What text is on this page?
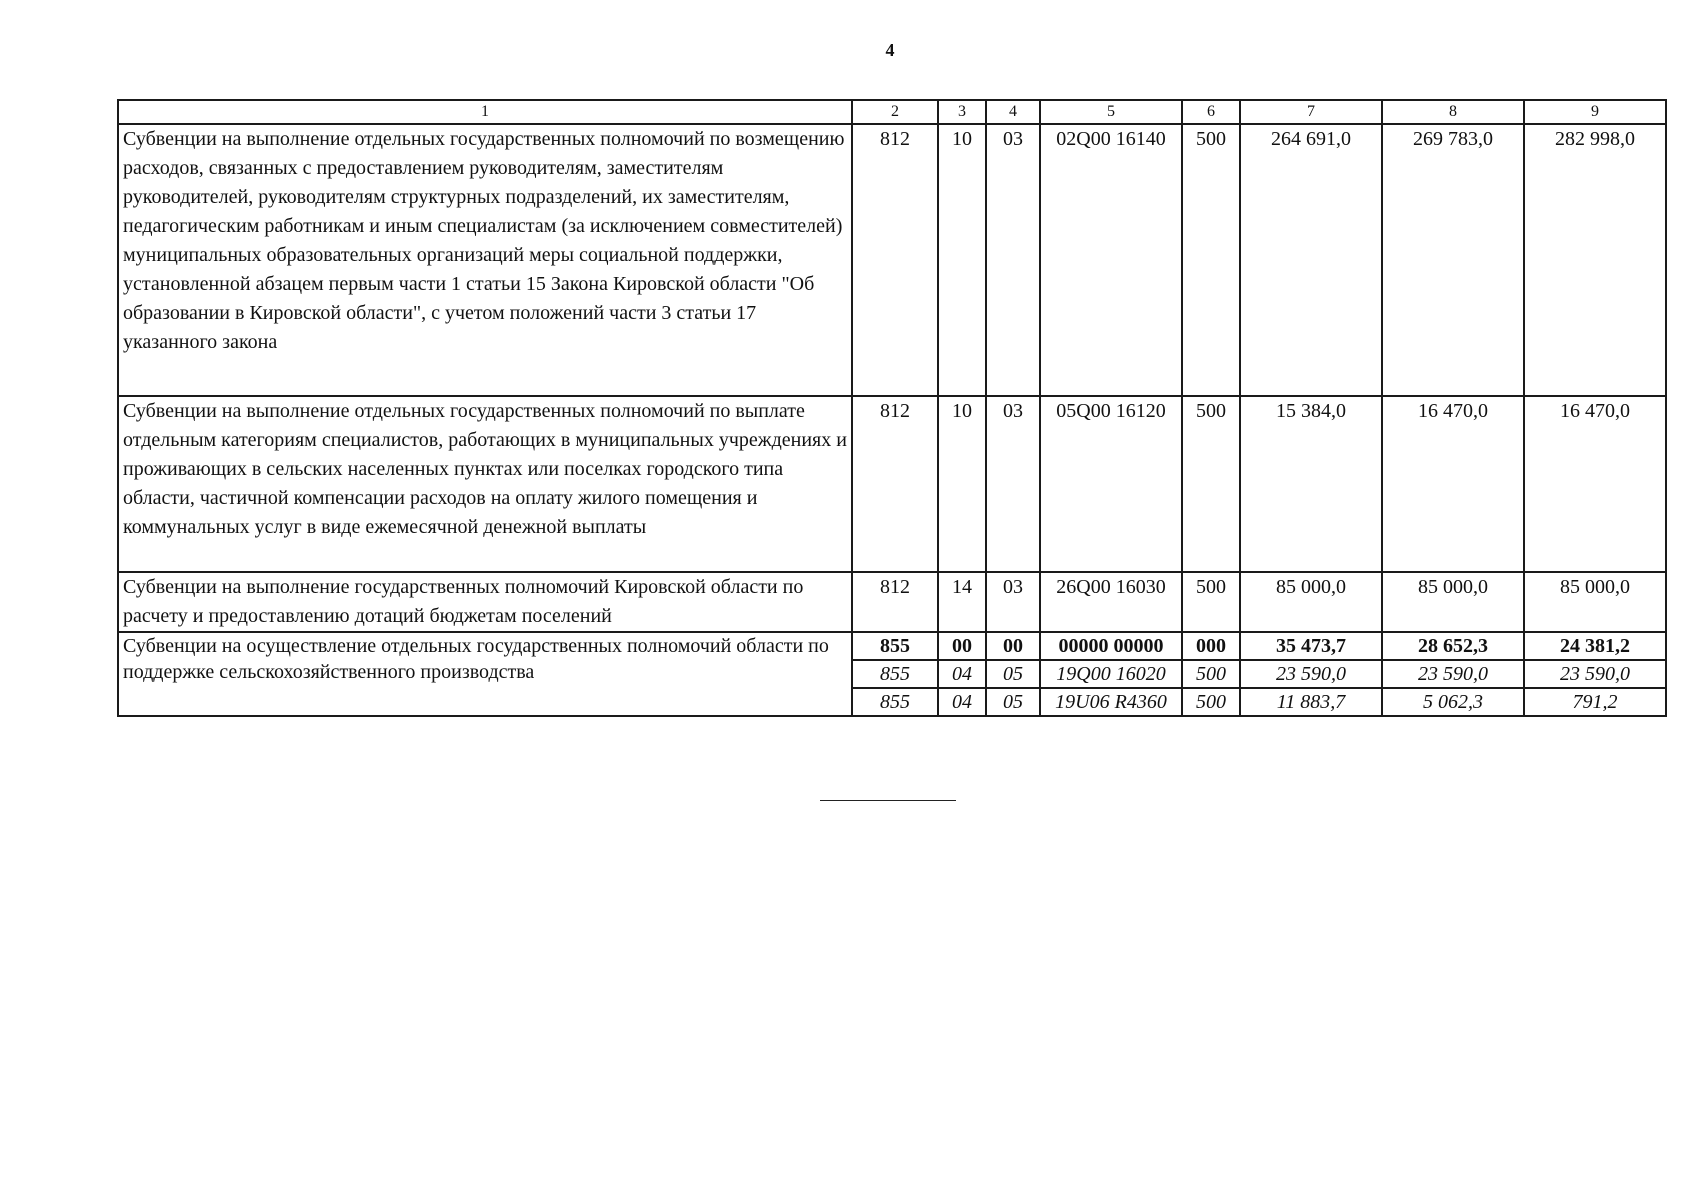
4
1	2	3	4	5	6	7	8	9
Субвенции на выполнение отдельных государственных полномочий по возмещению расходов, связанных с предоставлением руководителям, заместителям руководителей, руководителям структурных подразделений, их заместителям, педагогическим работникам и иным специалистам (за исключением совместителей) муниципальных образовательных организаций меры социальной поддержки, установленной абзацем первым части 1 статьи 15 Закона Кировской области "Об образовании в Кировской области", с учетом положений части 3 статьи 17 указанного закона	812	10	03	02Q00 16140	500	264 691,0	269 783,0	282 998,0
Субвенции на выполнение отдельных государственных полномочий по выплате отдельным категориям специалистов, работающих в муниципальных учреждениях и проживающих в сельских населенных пунктах или поселках городского типа области, частичной компенсации расходов на оплату жилого помещения и коммунальных услуг в виде ежемесячной денежной выплаты	812	10	03	05Q00 16120	500	15 384,0	16 470,0	16 470,0
Субвенции на выполнение государственных полномочий Кировской области по расчету и предоставлению дотаций бюджетам поселений	812	14	03	26Q00 16030	500	85 000,0	85 000,0	85 000,0
Субвенции на осуществление отдельных государственных полномочий области по поддержке сельскохозяйственного производства	855	00	00	00000 00000	000	35 473,7	28 652,3	24 381,2
	855	04	05	19Q00 16020	500	23 590,0	23 590,0	23 590,0
	855	04	05	19U06 R4360	500	11 883,7	5 062,3	791,2
